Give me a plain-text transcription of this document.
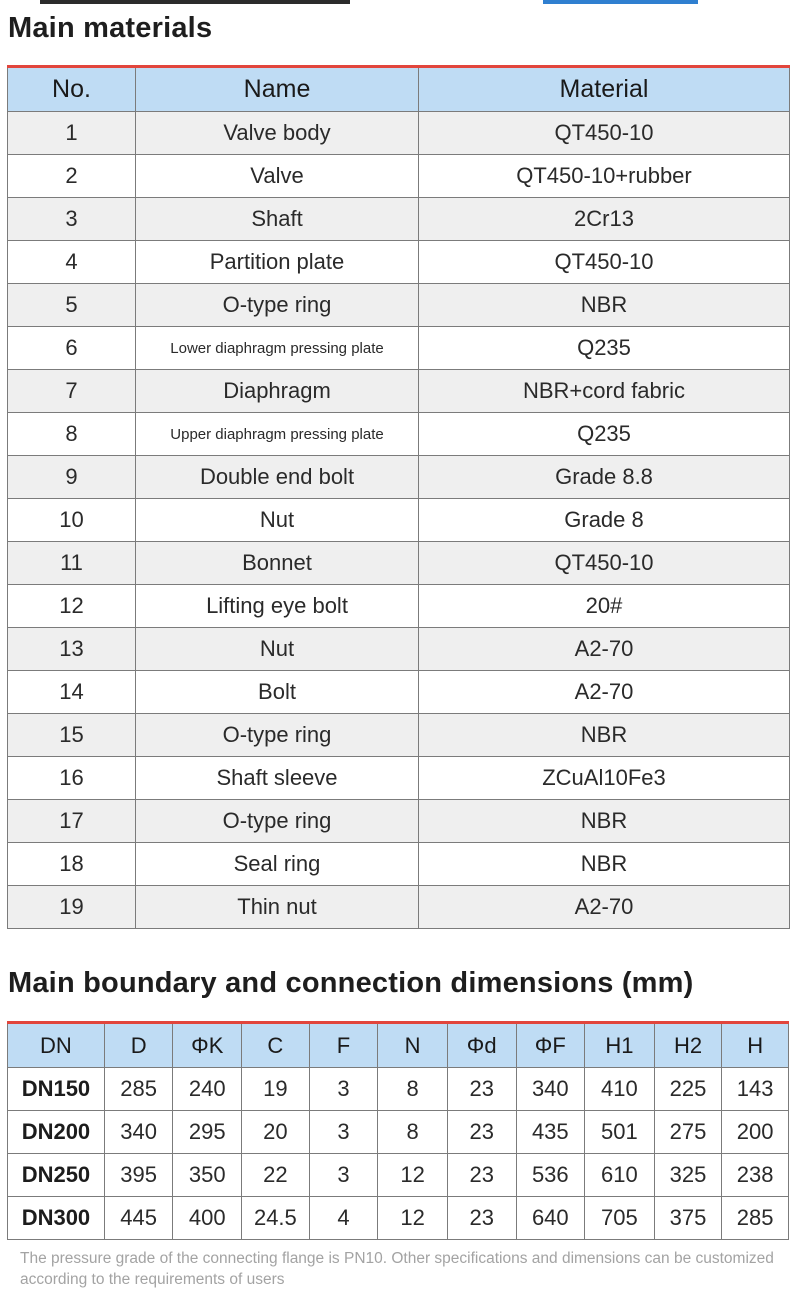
Main materials
No.	Name	Material
1	Valve body	QT450-10
2	Valve	QT450-10+rubber
3	Shaft	2Cr13
4	Partition plate	QT450-10
5	O-type ring	NBR
6	Lower diaphragm pressing plate	Q235
7	Diaphragm	NBR+cord fabric
8	Upper diaphragm pressing plate	Q235
9	Double end bolt	Grade 8.8
10	Nut	Grade 8
11	Bonnet	QT450-10
12	Lifting eye bolt	20#
13	Nut	A2-70
14	Bolt	A2-70
15	O-type ring	NBR
16	Shaft sleeve	ZCuAl10Fe3
17	O-type ring	NBR
18	Seal ring	NBR
19	Thin nut	A2-70
Main boundary and connection dimensions (mm)
DN	D	ΦK	C	F	N	Φd	ΦF	H1	H2	H
DN150	285	240	19	3	8	23	340	410	225	143
DN200	340	295	20	3	8	23	435	501	275	200
DN250	395	350	22	3	12	23	536	610	325	238
DN300	445	400	24.5	4	12	23	640	705	375	285

The pressure grade of the connecting flange is PN10. Other specifications and dimensions can be customized according to the requirements of users
